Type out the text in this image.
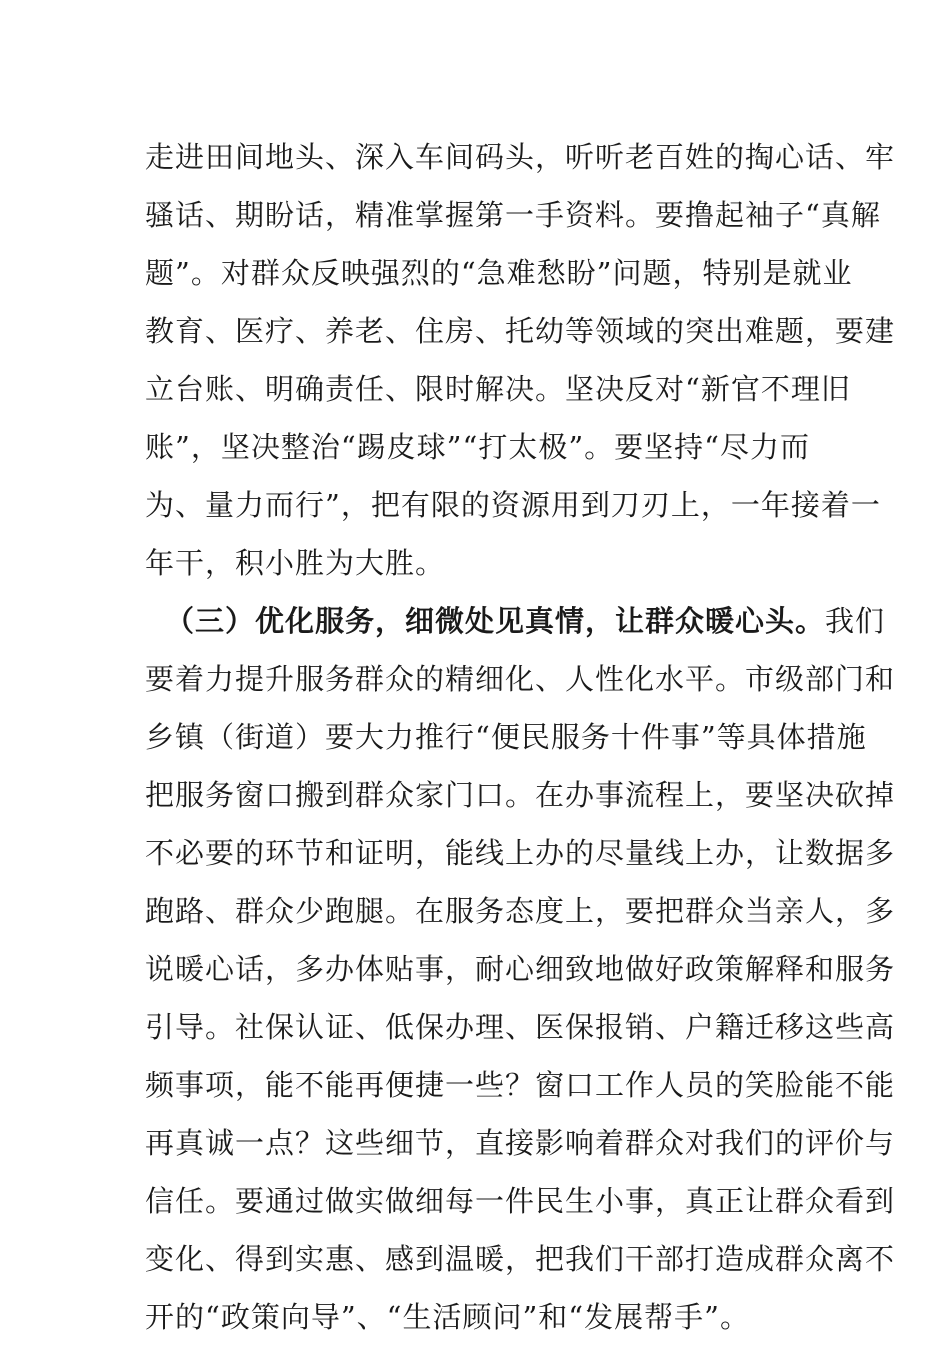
走进田间地头、深入车间码头，听听老百姓的掏心话、牢
骚话、期盼话，精准掌握第一手资料。要撸起袖子“真解
题”。对群众反映强烈的“急难愁盼”问题，特别是就业
教育、医疗、养老、住房、托幼等领域的突出难题，要建
立台账、明确责任、限时解决。坚决反对“新官不理旧
账”，坚决整治“踢皮球”“打太极”。要坚持“尽力而
为、量力而行”，把有限的资源用到刀刃上，一年接着一
年干，积小胜为大胜。
（三）优化服务，细微处见真情，让群众暖心头。我们
要着力提升服务群众的精细化、人性化水平。市级部门和
乡镇（街道）要大力推行“便民服务十件事”等具体措施
把服务窗口搬到群众家门口。在办事流程上，要坚决砍掉
不必要的环节和证明，能线上办的尽量线上办，让数据多
跑路、群众少跑腿。在服务态度上，要把群众当亲人，多
说暖心话，多办体贴事，耐心细致地做好政策解释和服务
引导。社保认证、低保办理、医保报销、户籍迁移这些高
频事项，能不能再便捷一些？窗口工作人员的笑脸能不能
再真诚一点？这些细节，直接影响着群众对我们的评价与
信任。要通过做实做细每一件民生小事，真正让群众看到
变化、得到实惠、感到温暖，把我们干部打造成群众离不
开的“政策向导”、“生活顾问”和“发展帮手”。
